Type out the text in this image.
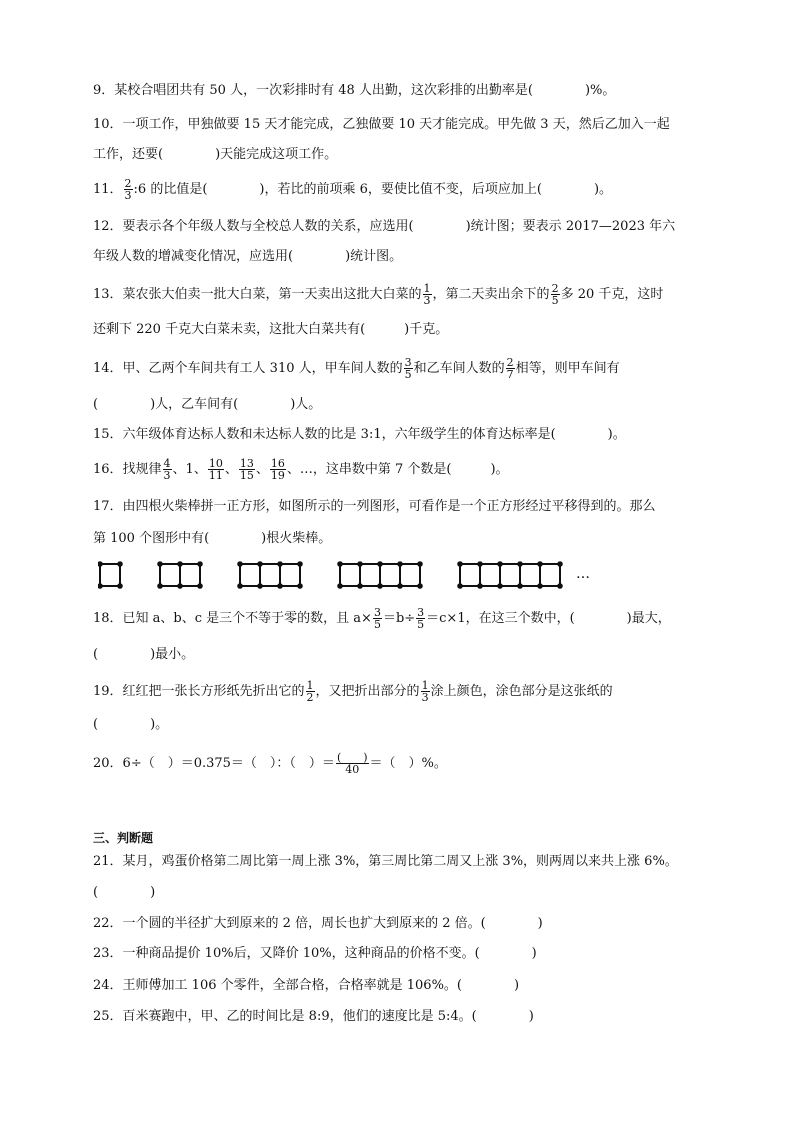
9．某校合唱团共有 50 人，一次彩排时有 48 人出勤，这次彩排的出勤率是(　　　　)%。
10．一项工作，甲独做要 15 天才能完成，乙独做要 10 天才能完成。甲先做 3 天，然后乙加入一起
工作，还要(　　　　)天能完成这项工作。
11． $\frac{2}{3}$ :6 的比值是(　　　　)，若比的前项乘 6，要使比值不变，后项应加上(　　　　)。
12．要表示各个年级人数与全校总人数的关系，应选用(　　　　)统计图；要表示 2017—2023 年六
年级人数的增减变化情况，应选用(　　　　)统计图。
13．菜农张大伯卖一批大白菜，第一天卖出这批大白菜的 $\frac{1}{3}$ ，第二天卖出余下的 $\frac{2}{5}$ 多 20 千克，这时
还剩下 220 千克大白菜未卖，这批大白菜共有(　　　)千克。
14．甲、乙两个车间共有工人 310 人，甲车间人数的 $\frac{3}{5}$ 和乙车间人数的 $\frac{2}{7}$ 相等，则甲车间有
(　　　　)人，乙车间有(　　　　)人。
15．六年级体育达标人数和未达标人数的比是 3:1，六年级学生的体育达标率是(　　　　)。
16．找规律 $\frac{4}{3}$ 、1、 $\frac{10}{11}$ 、 $\frac{13}{15}$ 、 $\frac{16}{19}$ 、…，这串数中第 7 个数是(　　　)。
17．由四根火柴棒拼一正方形，如图所示的一列图形，可看作是一个正方形经过平移得到的。那么
第 100 个图形中有(　　　　)根火柴棒。
…
18．已知 a、b、c 是三个不等于零的数，且 $a\times \frac{3}{5} =b\div \frac{3}{5} =c\times 1$，在这三个数中，(　　　　)最大，
(　　　　)最小。
19．红红把一张长方形纸先折出它的 $\frac{1}{2}$ ，又把折出部分的 $\frac{1}{3}$ 涂上颜色，涂色部分是这张纸的
(　　　　)。
20．6÷（　）＝0.375＝（　）：（　）＝ $\frac{( )}{40}$ ＝（　）%。
三、判断题
21．某月，鸡蛋价格第二周比第一周上涨 3%，第三周比第二周又上涨 3%，则两周以来共上涨 6%。
(　　　　)
22．一个圆的半径扩大到原来的 2 倍，周长也扩大到原来的 2 倍。(　　　　)
23．一种商品提价 10%后，又降价 10%，这种商品的价格不变。(　　　　)
24．王师傅加工 106 个零件，全部合格，合格率就是 106%。(　　　　)
25．百米赛跑中，甲、乙的时间比是 8:9，他们的速度比是 5:4。(　　　　)
